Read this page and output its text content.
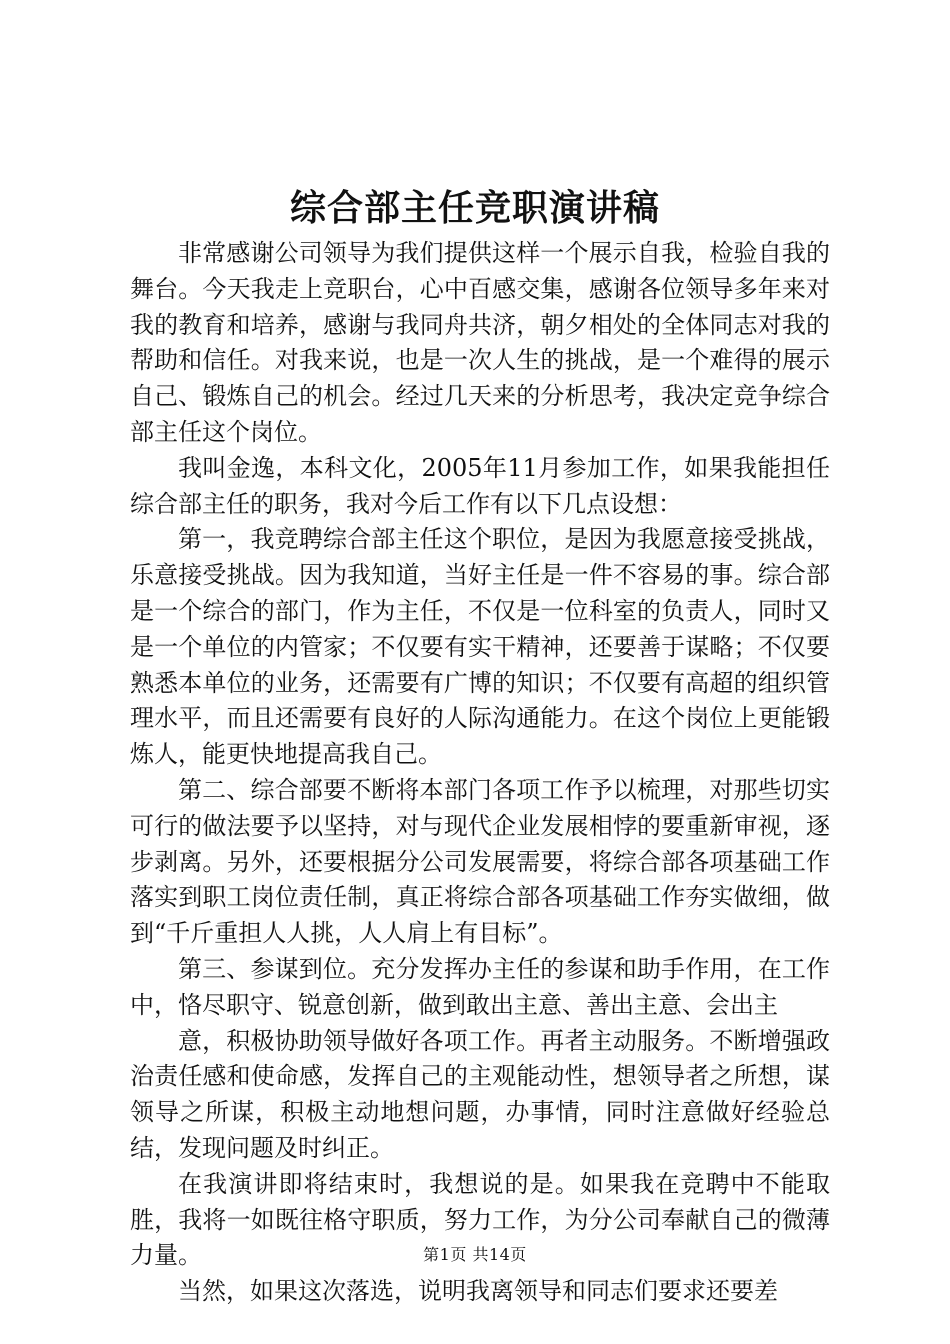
综合部主任竞职演讲稿

非常感谢公司领导为我们提供这样一个展示自我，检验自我的舞台。今天我走上竞职台，心中百感交集，感谢各位领导多年来对我的教育和培养，感谢与我同舟共济，朝夕相处的全体同志对我的帮助和信任。对我来说，也是一次人生的挑战，是一个难得的展示自己、锻炼自己的机会。经过几天来的分析思考，我决定竞争综合部主任这个岗位。

我叫金逸，本科文化，2005年11月参加工作，如果我能担任综合部主任的职务，我对今后工作有以下几点设想：

第一，我竞聘综合部主任这个职位，是因为我愿意接受挑战，乐意接受挑战。因为我知道，当好主任是一件不容易的事。综合部是一个综合的部门，作为主任，不仅是一位科室的负责人，同时又是一个单位的内管家；不仅要有实干精神，还要善于谋略；不仅要熟悉本单位的业务，还需要有广博的知识；不仅要有高超的组织管理水平，而且还需要有良好的人际沟通能力。在这个岗位上更能锻炼人，能更快地提高我自己。

第二、综合部要不断将本部门各项工作予以梳理，对那些切实可行的做法要予以坚持，对与现代企业发展相悖的要重新审视，逐步剥离。另外，还要根据分公司发展需要，将综合部各项基础工作落实到职工岗位责任制，真正将综合部各项基础工作夯实做细，做到“千斤重担人人挑，人人肩上有目标”。

第三、参谋到位。充分发挥办主任的参谋和助手作用，在工作中，恪尽职守、锐意创新，做到敢出主意、善出主意、会出主

意，积极协助领导做好各项工作。再者主动服务。不断增强政治责任感和使命感，发挥自己的主观能动性，想领导者之所想，谋领导之所谋，积极主动地想问题，办事情，同时注意做好经验总结，发现问题及时纠正。

在我演讲即将结束时，我想说的是。如果我在竞聘中不能取胜，我将一如既往格守职质，努力工作，为分公司奉献自己的微薄力量。

当然，如果这次落选，说明我离领导和同志们要求还要差

第1页 共14页
